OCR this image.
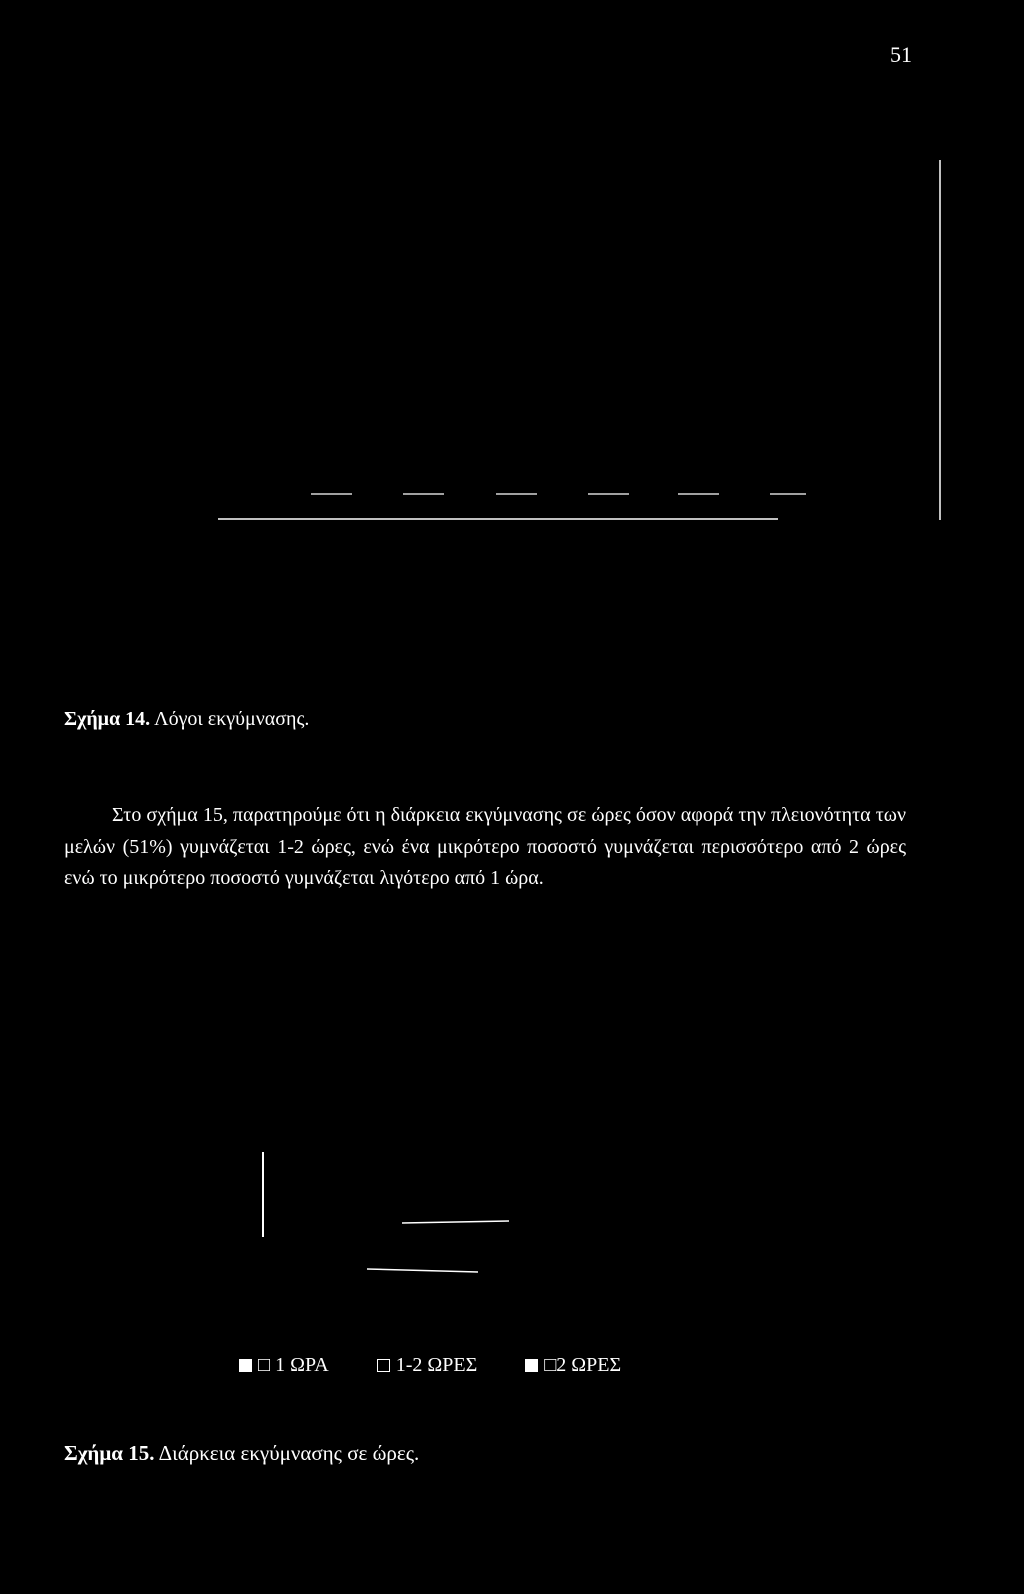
51
Σχήμα 14. Λόγοι εκγύμνασης.

Στο σχήμα 15, παρατηρούμε ότι η διάρκεια εκγύμνασης σε ώρες όσον αφορά την πλειονότητα των μελών (51%) γυμνάζεται 1-2 ώρες, ενώ ένα μικρότερο ποσοστό γυμνάζεται περισσότερο από 2 ώρες ενώ το μικρότερο ποσοστό γυμνάζεται λιγότερο από 1 ώρα.

□ 1 ΩΡΑ	1-2 ΩΡΕΣ	□2 ΩΡΕΣ
Σχήμα 15. Διάρκεια εκγύμνασης σε ώρες.
